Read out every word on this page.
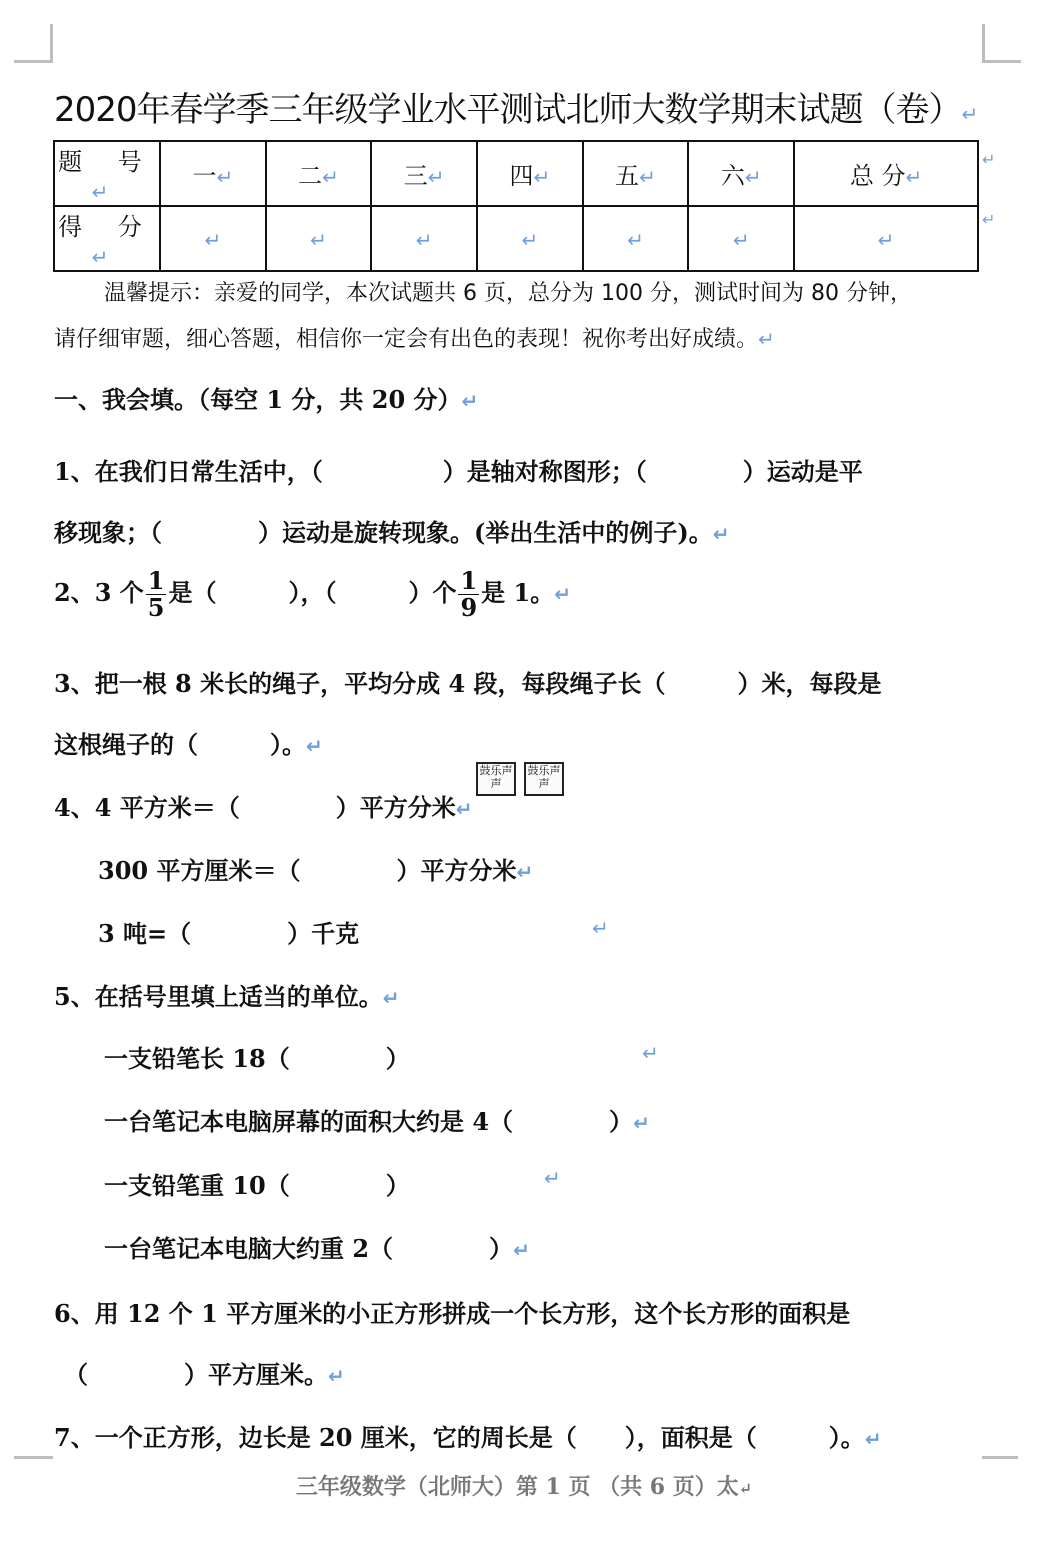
2020年春学季三年级学业水平测试北师大数学期末试题（卷）↵
题 号↵	一↵	二↵	三↵	四↵	五↵	六↵	总 分↵
得 分↵	↵	↵	↵	↵	↵	↵	↵
↵
↵
温馨提示：亲爱的同学，本次试题共 6 页，总分为 100 分，测试时间为 80 分钟，
请仔细审题，细心答题，相信你一定会有出色的表现！祝你考出好成绩。↵
一、我会填。（每空 1 分，共 20 分）↵
1、在我们日常生活中，（　　　　　）是轴对称图形；（　　　　）运动是平
移现象；（　　　　）运动是旋转现象。(举出生活中的例子)。↵
2、3 个 $\frac{1}{5}$ 是（　　　），（　　　）个 $\frac{1}{9}$ 是 1。↵
3、把一根 8 米长的绳子，平均分成 4 段，每段绳子长（　　　）米，每段是
这根绳子的（　　　）。↵
鼓乐声声
鼓乐声声
4、4 平方米＝（　　　　）平方分米↵
300 平方厘米＝（　　　　）平方分米↵
3 吨=（　　　　）千克	↵
5、在括号里填上适当的单位。↵
一支铅笔长 18（　　　　）	↵
一台笔记本电脑屏幕的面积大约是 4（　　　　）↵
一支铅笔重 10（　　　　）	↵
一台笔记本电脑大约重 2（　　　　）↵
6、用 12 个 1 平方厘米的小正方形拼成一个长方形，这个长方形的面积是
（　　　　）平方厘米。↵
7、一个正方形，边长是 20 厘米，它的周长是（　　），面积是（　　　）。↵
三年级数学（北师大）第 1 页 （共 6 页）太↵
